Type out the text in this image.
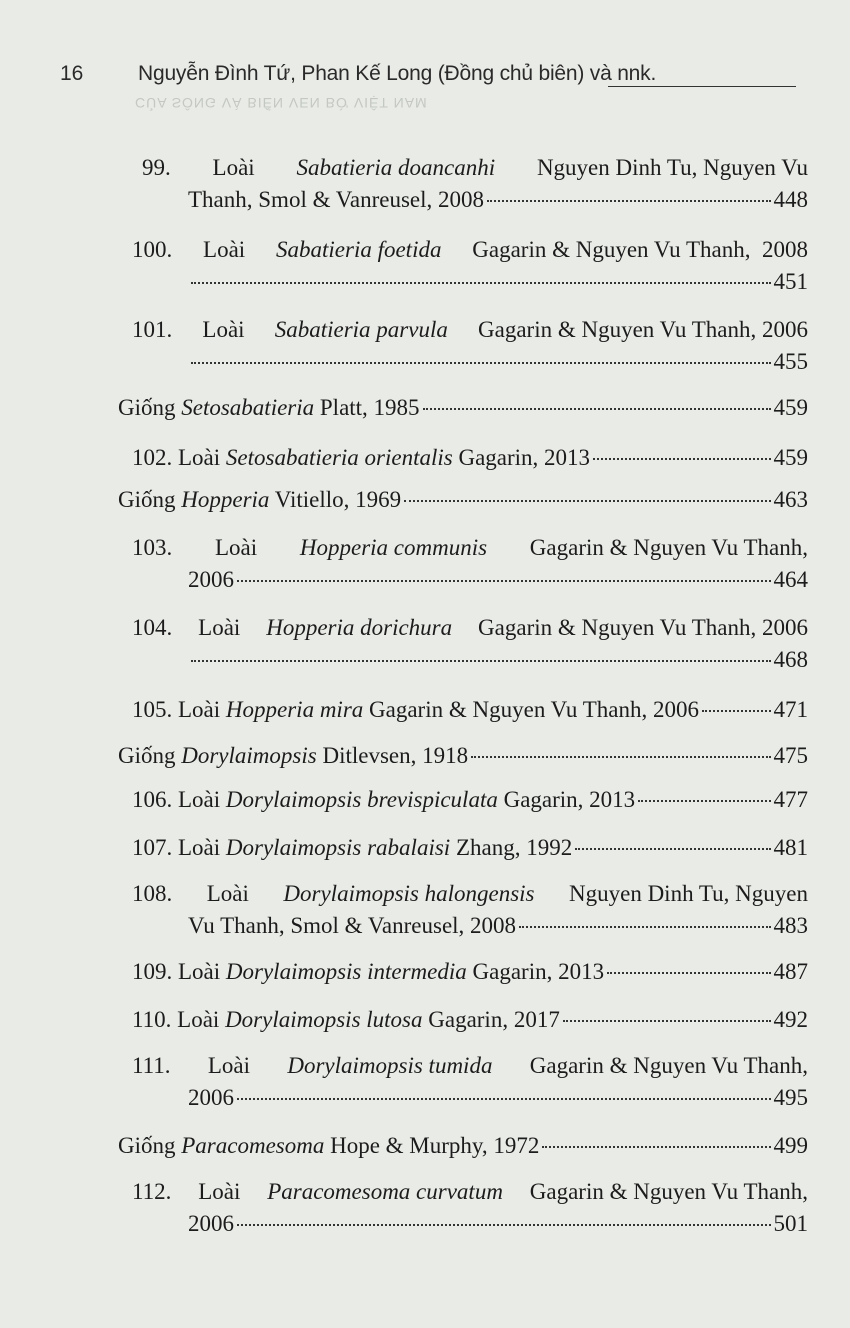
16	Nguyễn Đình Tứ, Phan Kế Long (Đồng chủ biên) và nnk.
CỦA SÔNG VÀ BIỂN VEN BỜ VIỆT NAM
99. Loài Sabatieria doancanhi Nguyen Dinh Tu, Nguyen Vu
Thanh, Smol & Vanreusel, 2008	448
100. Loài Sabatieria foetida Gagarin & Nguyen Vu Thanh,  2008
451
101. Loài Sabatieria parvula Gagarin & Nguyen Vu Thanh, 2006
455
Giống Setosabatieria Platt, 1985	459
102. Loài Setosabatieria orientalis Gagarin, 2013	459
Giống Hopperia Vitiello, 1969	463
103. Loài Hopperia communis Gagarin & Nguyen Vu Thanh,
2006	464
104. Loài Hopperia dorichura Gagarin & Nguyen Vu Thanh, 2006
468
105. Loài Hopperia mira Gagarin & Nguyen Vu Thanh, 2006	471
Giống Dorylaimopsis Ditlevsen, 1918	475
106. Loài Dorylaimopsis brevispiculata Gagarin, 2013	477
107. Loài Dorylaimopsis rabalaisi Zhang, 1992	481
108. Loài Dorylaimopsis halongensis Nguyen Dinh Tu, Nguyen
Vu Thanh, Smol & Vanreusel, 2008	483
109. Loài Dorylaimopsis intermedia Gagarin, 2013	487
110. Loài Dorylaimopsis lutosa Gagarin, 2017	492
111. Loài Dorylaimopsis tumida Gagarin & Nguyen Vu Thanh,
2006	495
Giống Paracomesoma Hope & Murphy, 1972	499
112. Loài Paracomesoma curvatum Gagarin & Nguyen Vu Thanh,
2006	501
